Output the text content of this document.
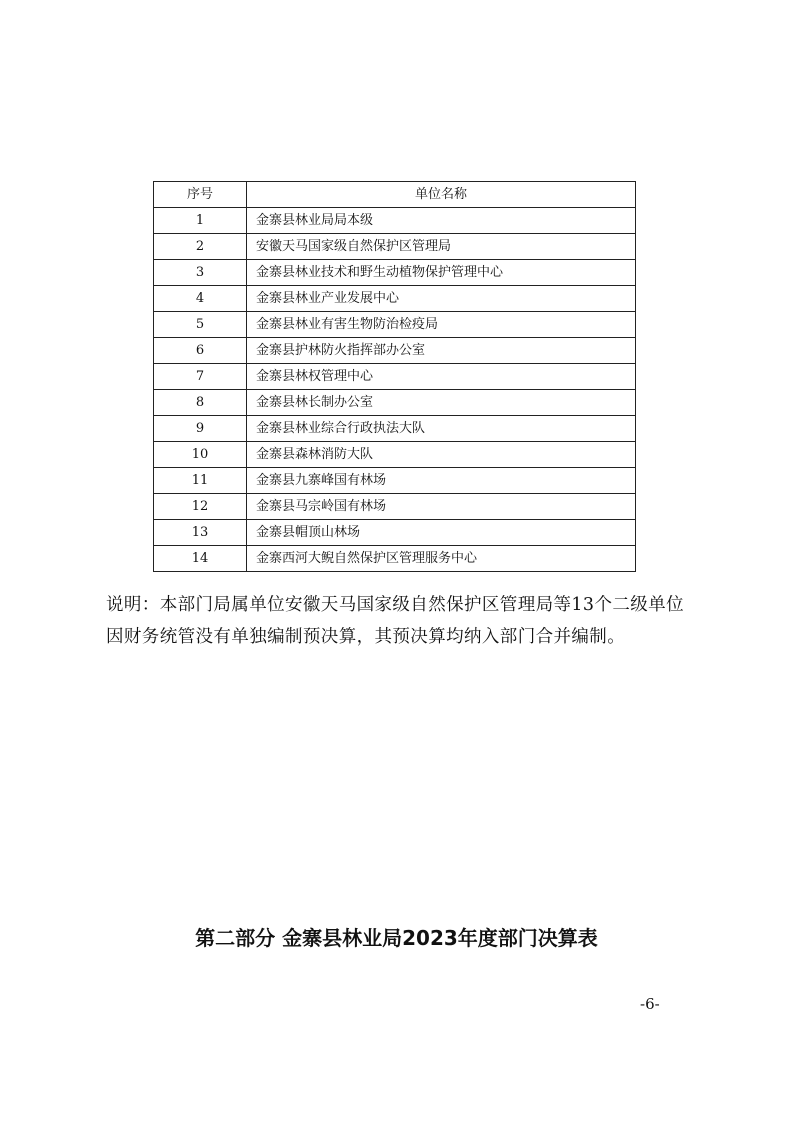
序号	单位名称
1	金寨县林业局局本级
2	安徽天马国家级自然保护区管理局
3	金寨县林业技术和野生动植物保护管理中心
4	金寨县林业产业发展中心
5	金寨县林业有害生物防治检疫局
6	金寨县护林防火指挥部办公室
7	金寨县林权管理中心
8	金寨县林长制办公室
9	金寨县林业综合行政执法大队
10	金寨县森林消防大队
11	金寨县九寨峰国有林场
12	金寨县马宗岭国有林场
13	金寨县帽顶山林场
14	金寨西河大鲵自然保护区管理服务中心

说明：本部门局属单位安徽天马国家级自然保护区管理局等13个二级单位因财务统管没有单独编制预决算，其预决算均纳入部门合并编制。

第二部分 金寨县林业局2023年度部门决算表
-6-
